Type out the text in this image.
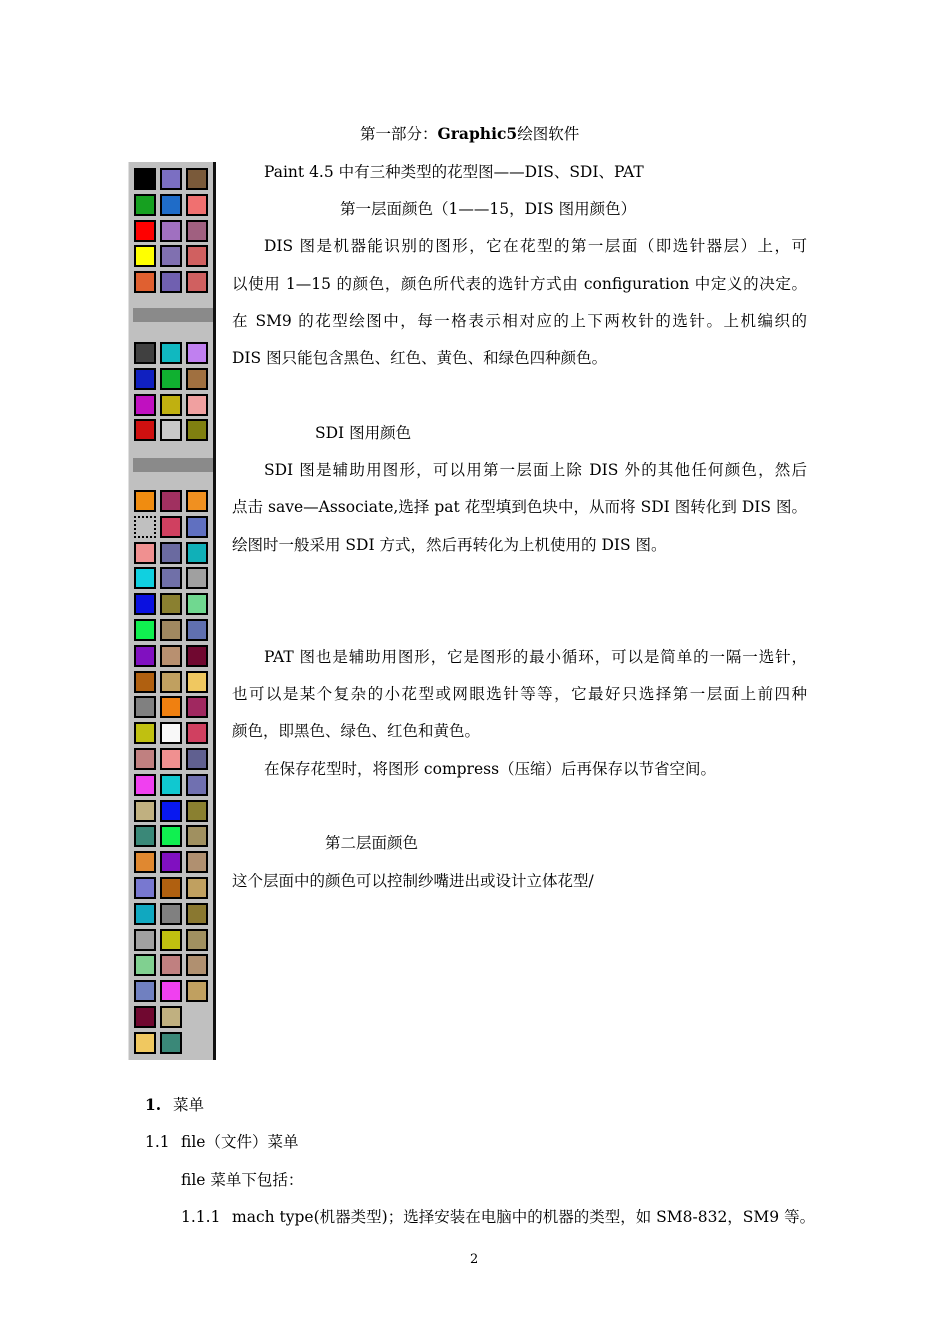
第一部分：Graphic5绘图软件
Paint 4.5 中有三种类型的花型图——DIS、SDI、PAT
第一层面颜色（1——15，DIS 图用颜色）
DIS 图是机器能识别的图形，它在花型的第一层面（即选针器层）上，可
以使用 1—15 的颜色，颜色所代表的选针方式由 configuration 中定义的决定。
在 SM9 的花型绘图中，每一格表示相对应的上下两枚针的选针。上机编织的
DIS 图只能包含黑色、红色、黄色、和绿色四种颜色。
SDI 图用颜色
SDI 图是辅助用图形，可以用第一层面上除 DIS 外的其他任何颜色，然后
点击 save—Associate,选择 pat 花型填到色块中，从而将 SDI 图转化到 DIS 图。
绘图时一般采用 SDI 方式，然后再转化为上机使用的 DIS 图。
PAT 图也是辅助用图形，它是图形的最小循环，可以是简单的一隔一选针，
也可以是某个复杂的小花型或网眼选针等等，它最好只选择第一层面上前四种
颜色，即黑色、绿色、红色和黄色。
在保存花型时，将图形 compress（压缩）后再保存以节省空间。
第二层面颜色
这个层面中的颜色可以控制纱嘴进出或设计立体花型/
1. 菜单
1.1 file（文件）菜单
file 菜单下包括：
1.1.1 mach type(机器类型)；选择安装在电脑中的机器的类型，如 SM8-832，SM9 等。
2
